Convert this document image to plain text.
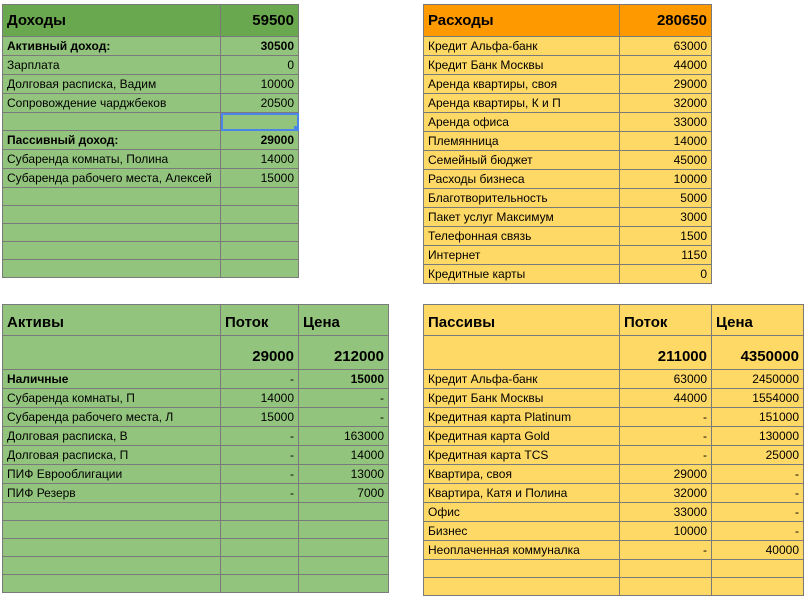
Доходы	59500
Активный доход:	30500
Зарплата	0
Долговая расписка, Вадим	10000
Сопровождение чарджбеков	20500

Пассивный доход:	29000
Субаренда комнаты, Полина	14000
Субаренда рабочего места, Алексей	15000

Расходы	280650
Кредит Альфа-банк	63000
Кредит Банк Москвы	44000
Аренда квартиры, своя	29000
Аренда квартиры, К и П	32000
Аренда офиса	33000
Племянница	14000
Семейный бюджет	45000
Расходы бизнеса	10000
Благотворительность	5000
Пакет услуг Максимум	3000
Телефонная связь	1500
Интернет	1150
Кредитные карты	0
Активы	Поток	Цена
	29000	212000
Наличные	-	15000
Субаренда комнаты, П	14000	-
Субаренда рабочего места, Л	15000	-
Долговая расписка, В	-	163000
Долговая расписка, П	-	14000
ПИФ Еврооблигации	-	13000
ПИФ Резерв	-	7000

Пассивы	Поток	Цена
	211000	4350000
Кредит Альфа-банк	63000	2450000
Кредит Банк Москвы	44000	1554000
Кредитная карта Platinum	-	151000
Кредитная карта Gold	-	130000
Кредитная карта TCS	-	25000
Квартира, своя	29000	-
Квартира, Катя и Полина	32000	-
Офис	33000	-
Бизнес	10000	-
Неоплаченная коммуналка	-	40000
